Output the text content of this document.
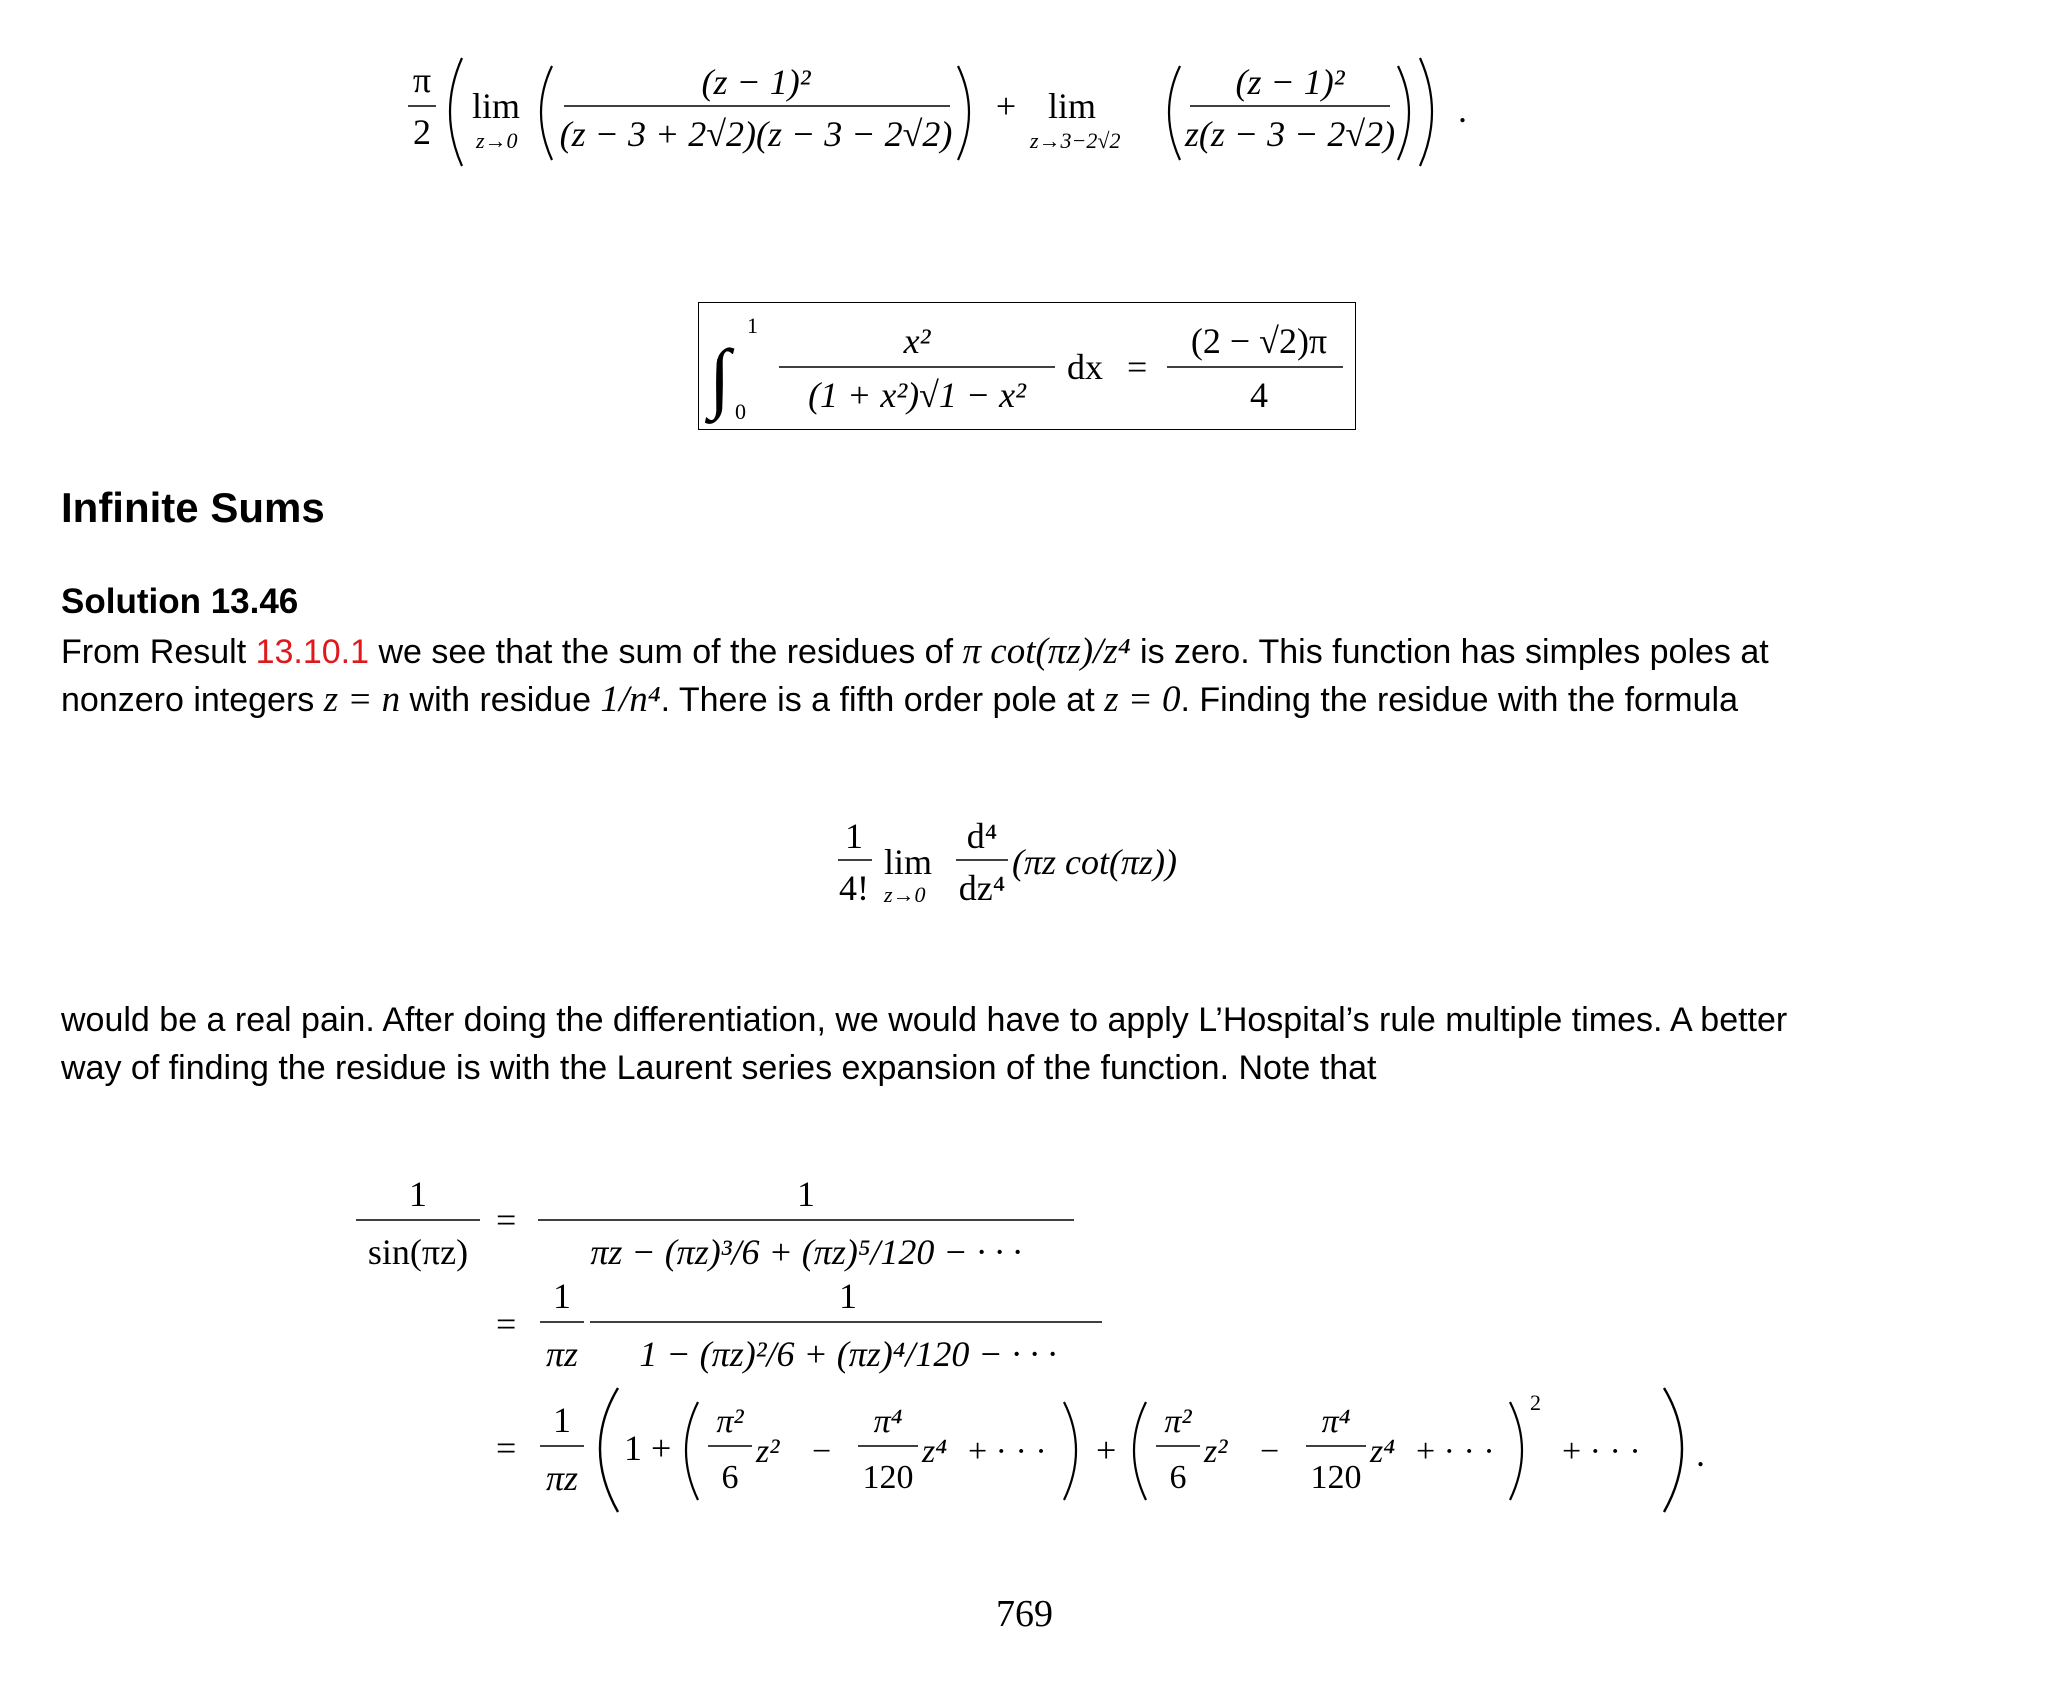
π
2
lim
z→0
(z − 1)²
(z − 3 + 2√2)(z − 3 − 2√2)
+ lim
z→3−2√2
(z − 1)²
z(z − 3 − 2√2)
.
∫
1
0
x²
(1 + x²)√1 − x²
dx =
(2 − √2)π
4
Infinite Sums
Solution 13.46
From Result 13.10.1 we see that the sum of the residues of π cot(πz)/z⁴ is zero. This function has simples poles at
nonzero integers z = n with residue 1/n⁴. There is a fifth order pole at z = 0. Finding the residue with the formula
1
4!
lim
z→0
d⁴
dz⁴
(πz cot(πz))
would be a real pain. After doing the differentiation, we would have to apply L’Hospital’s rule multiple times. A better
way of finding the residue is with the Laurent series expansion of the function. Note that
1
sin(πz)
=
1
πz − (πz)³/6 + (πz)⁵/120 − · · ·
=
1
πz
1
1 − (πz)²/6 + (πz)⁴/120 − · · ·
=
1
πz
1 +
π²
6
z² −
π⁴
120
z⁴ + · · · +
π²
6
z² −
π⁴
120
z⁴ + · · ·
2
+ · · · .
769
